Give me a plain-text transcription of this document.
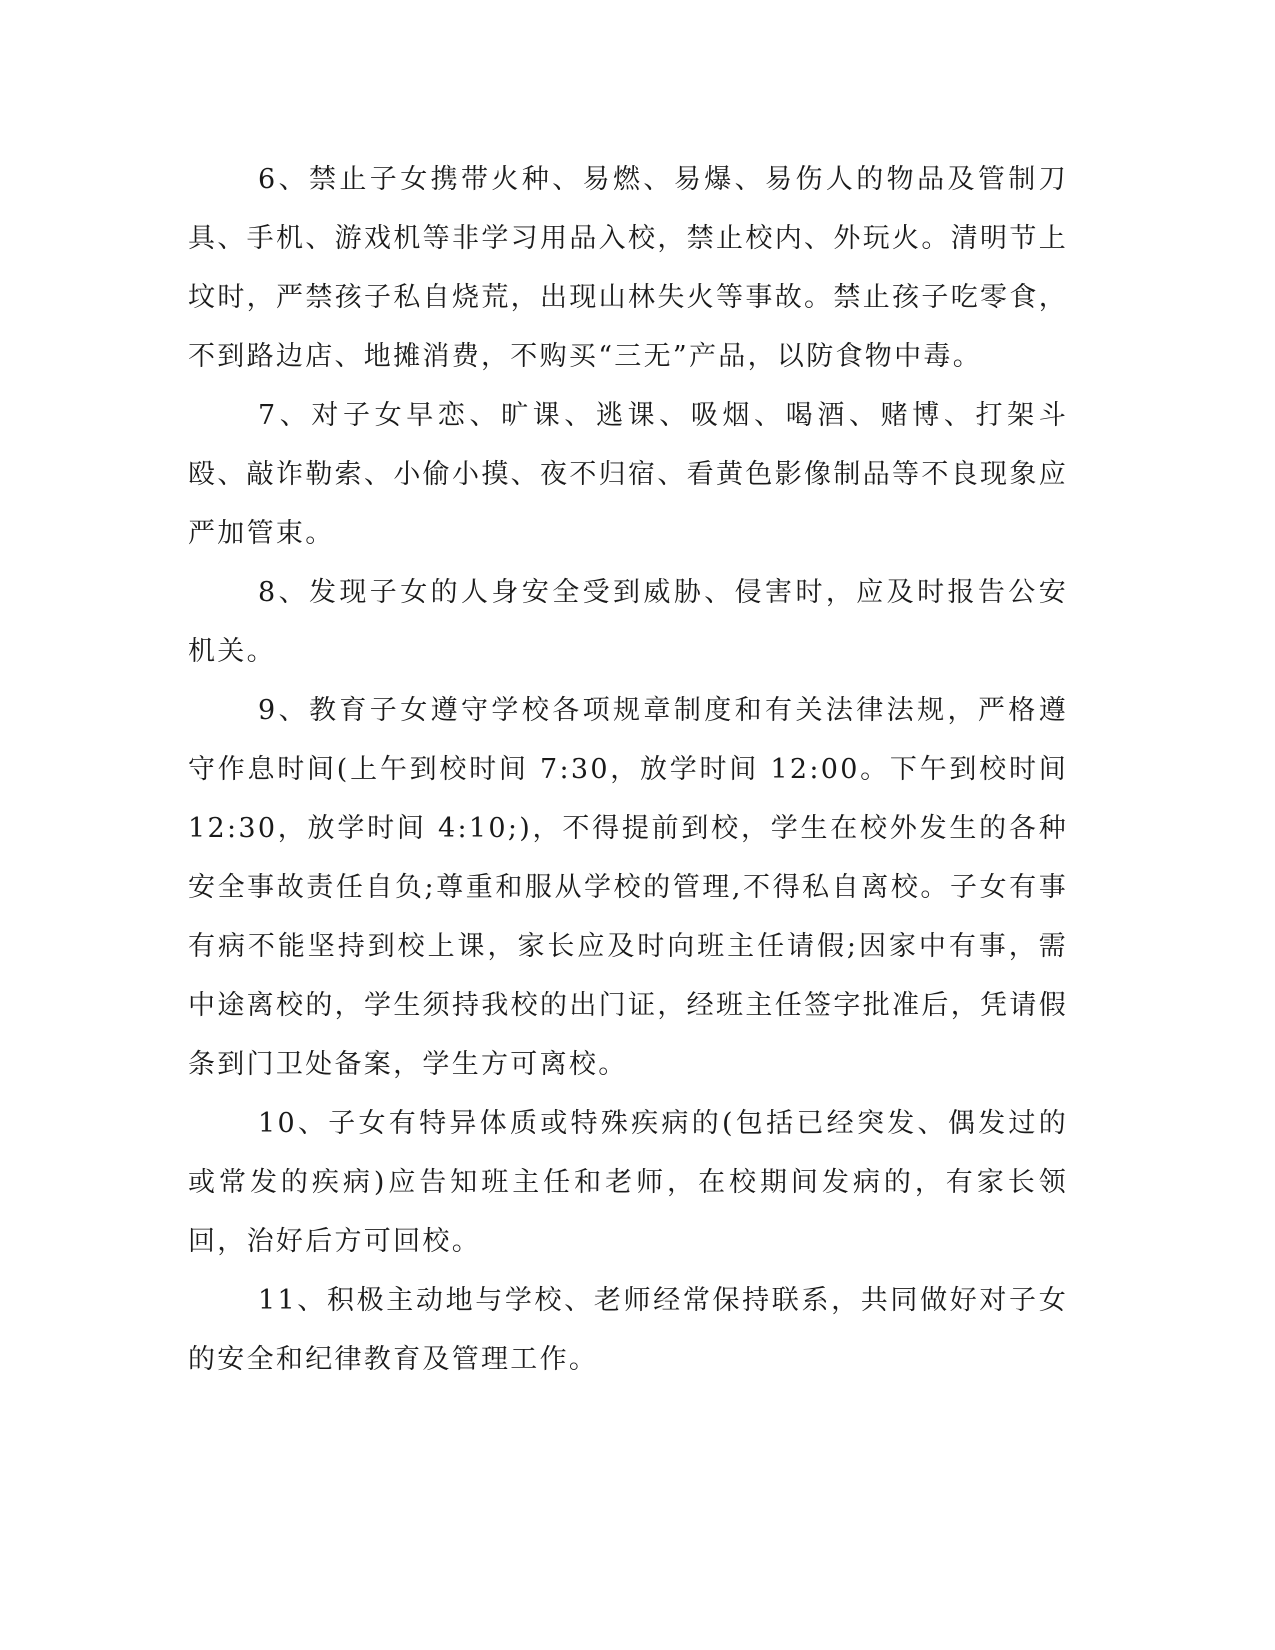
6、禁止子女携带火种、易燃、易爆、易伤人的物品及管制刀具、手机、游戏机等非学习用品入校，禁止校内、外玩火。清明节上坟时，严禁孩子私自烧荒，出现山林失火等事故。禁止孩子吃零食，不到路边店、地摊消费，不购买“三无”产品，以防食物中毒。

7、对子女早恋、旷课、逃课、吸烟、喝酒、赌博、打架斗殴、敲诈勒索、小偷小摸、夜不归宿、看黄色影像制品等不良现象应严加管束。

8、发现子女的人身安全受到威胁、侵害时，应及时报告公安机关。

9、教育子女遵守学校各项规章制度和有关法律法规，严格遵守作息时间(上午到校时间 7:30，放学时间 12:00。下午到校时间 12:30，放学时间 4:10;)，不得提前到校，学生在校外发生的各种安全事故责任自负;尊重和服从学校的管理,不得私自离校。子女有事有病不能坚持到校上课，家长应及时向班主任请假;因家中有事，需中途离校的，学生须持我校的出门证，经班主任签字批准后，凭请假条到门卫处备案，学生方可离校。

10、子女有特异体质或特殊疾病的(包括已经突发、偶发过的或常发的疾病)应告知班主任和老师，在校期间发病的，有家长领回，治好后方可回校。

11、积极主动地与学校、老师经常保持联系，共同做好对子女的安全和纪律教育及管理工作。
